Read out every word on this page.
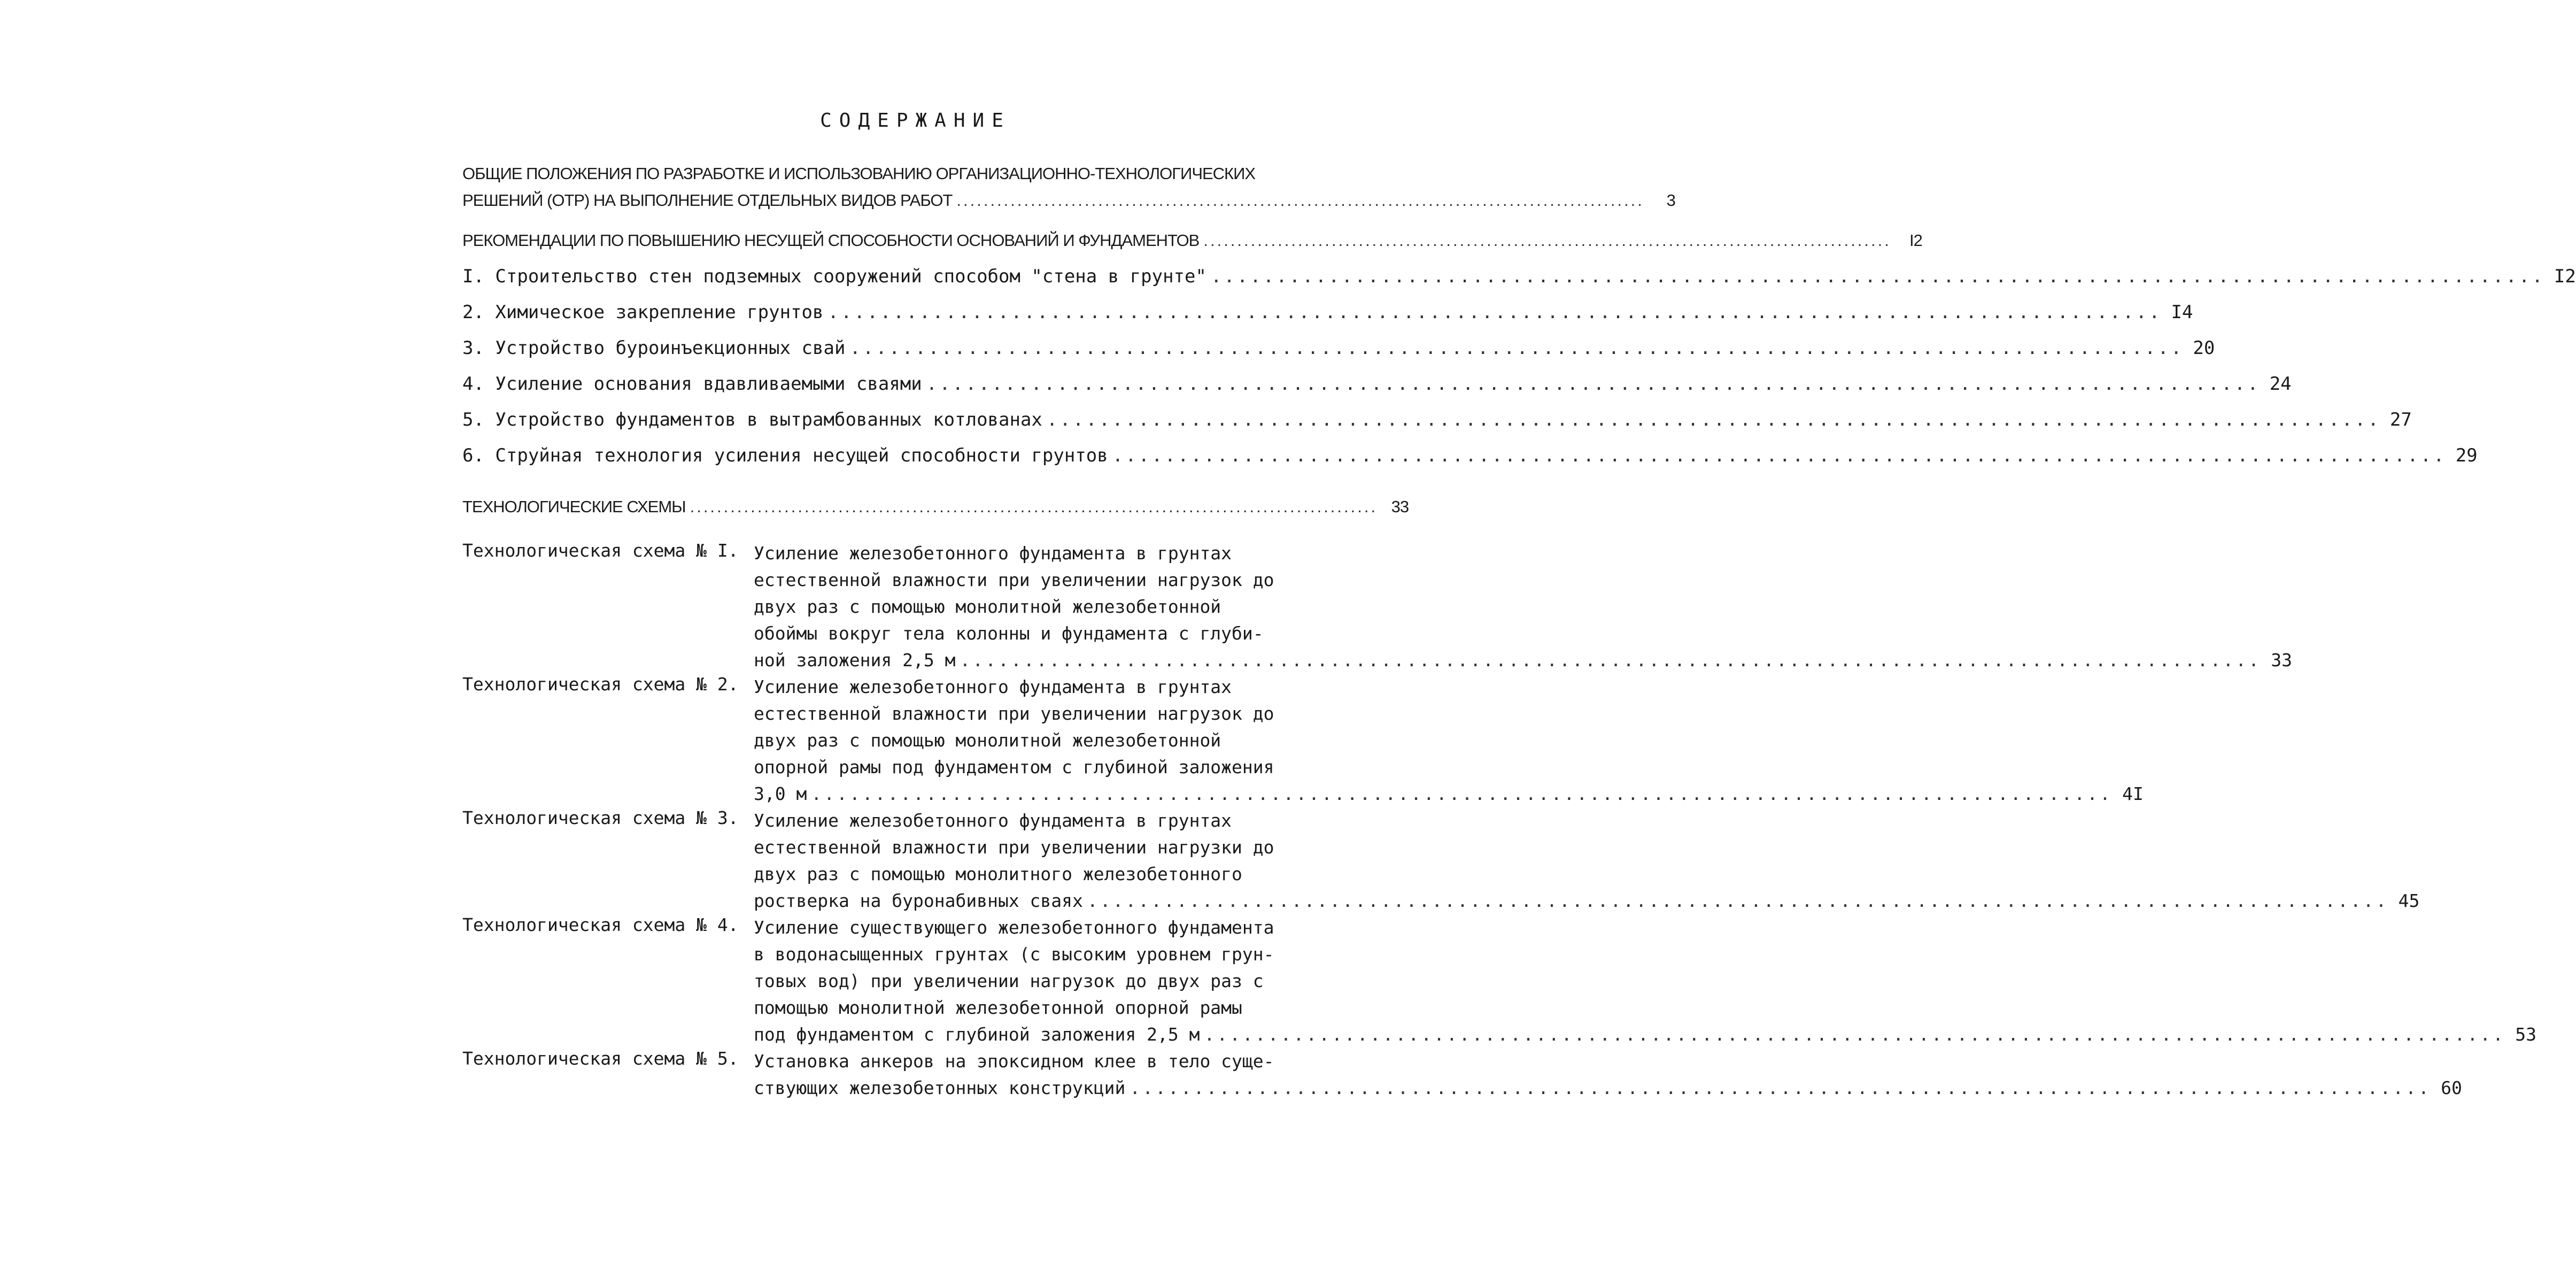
СОДЕРЖАНИЕ
ОБЩИЕ ПОЛОЖЕНИЯ ПО РАЗРАБОТКЕ И ИСПОЛЬЗОВАНИЮ ОРГАНИЗАЦИОННО-ТЕХНОЛОГИЧЕСКИХ
РЕШЕНИЙ (ОТР) НА ВЫПОЛНЕНИЕ ОТДЕЛЬНЫХ ВИДОВ РАБОТ ......................................................................................................	3
РЕКОМЕНДАЦИИ ПО ПОВЫШЕНИЮ НЕСУЩЕЙ СПОСОБНОСТИ ОСНОВАНИЙ И ФУНДАМЕНТОВ ......................................................................................................	I2
I. Строительство стен подземных сооружений способом "стена в грунте" ...................................................................................................... I2
2. Химическое закрепление грунтов ...................................................................................................... I4
3. Устройство буроинъекционных свай ...................................................................................................... 20
4. Усиление основания вдавливаемыми сваями ...................................................................................................... 24
5. Устройство фундаментов в вытрамбованных котлованах ...................................................................................................... 27
6. Струйная технология усиления несущей способности грунтов ...................................................................................................... 29
ТЕХНОЛОГИЧЕСКИЕ СХЕМЫ ...................................................................................................... 33
Технологическая схема № I. Усиление железобетонного фундамента в грунтах
естественной влажности при увеличении нагрузок до
двух раз с помощью монолитной железобетонной
обоймы вокруг тела колонны и фундамента с глуби-
ной заложения 2,5 м ...................................................................................................... 33
Технологическая схема № 2. Усиление железобетонного фундамента в грунтах
естественной влажности при увеличении нагрузок до
двух раз с помощью монолитной железобетонной
опорной рамы под фундаментом с глубиной заложения
3,0 м ...................................................................................................... 4I
Технологическая схема № 3. Усиление железобетонного фундамента в грунтах
естественной влажности при увеличении нагрузки до
двух раз с помощью монолитного железобетонного
ростверка на буронабивных сваях ...................................................................................................... 45
Технологическая схема № 4. Усиление существующего железобетонного фундамента
в водонасыщенных грунтах (с высоким уровнем грун-
товых вод) при увеличении нагрузок до двух раз с
помощью монолитной железобетонной опорной рамы
под фундаментом с глубиной заложения 2,5 м ...................................................................................................... 53
Технологическая схема № 5. Установка анкеров на эпоксидном клее в тело суще-
ствующих железобетонных конструкций ...................................................................................................... 60
